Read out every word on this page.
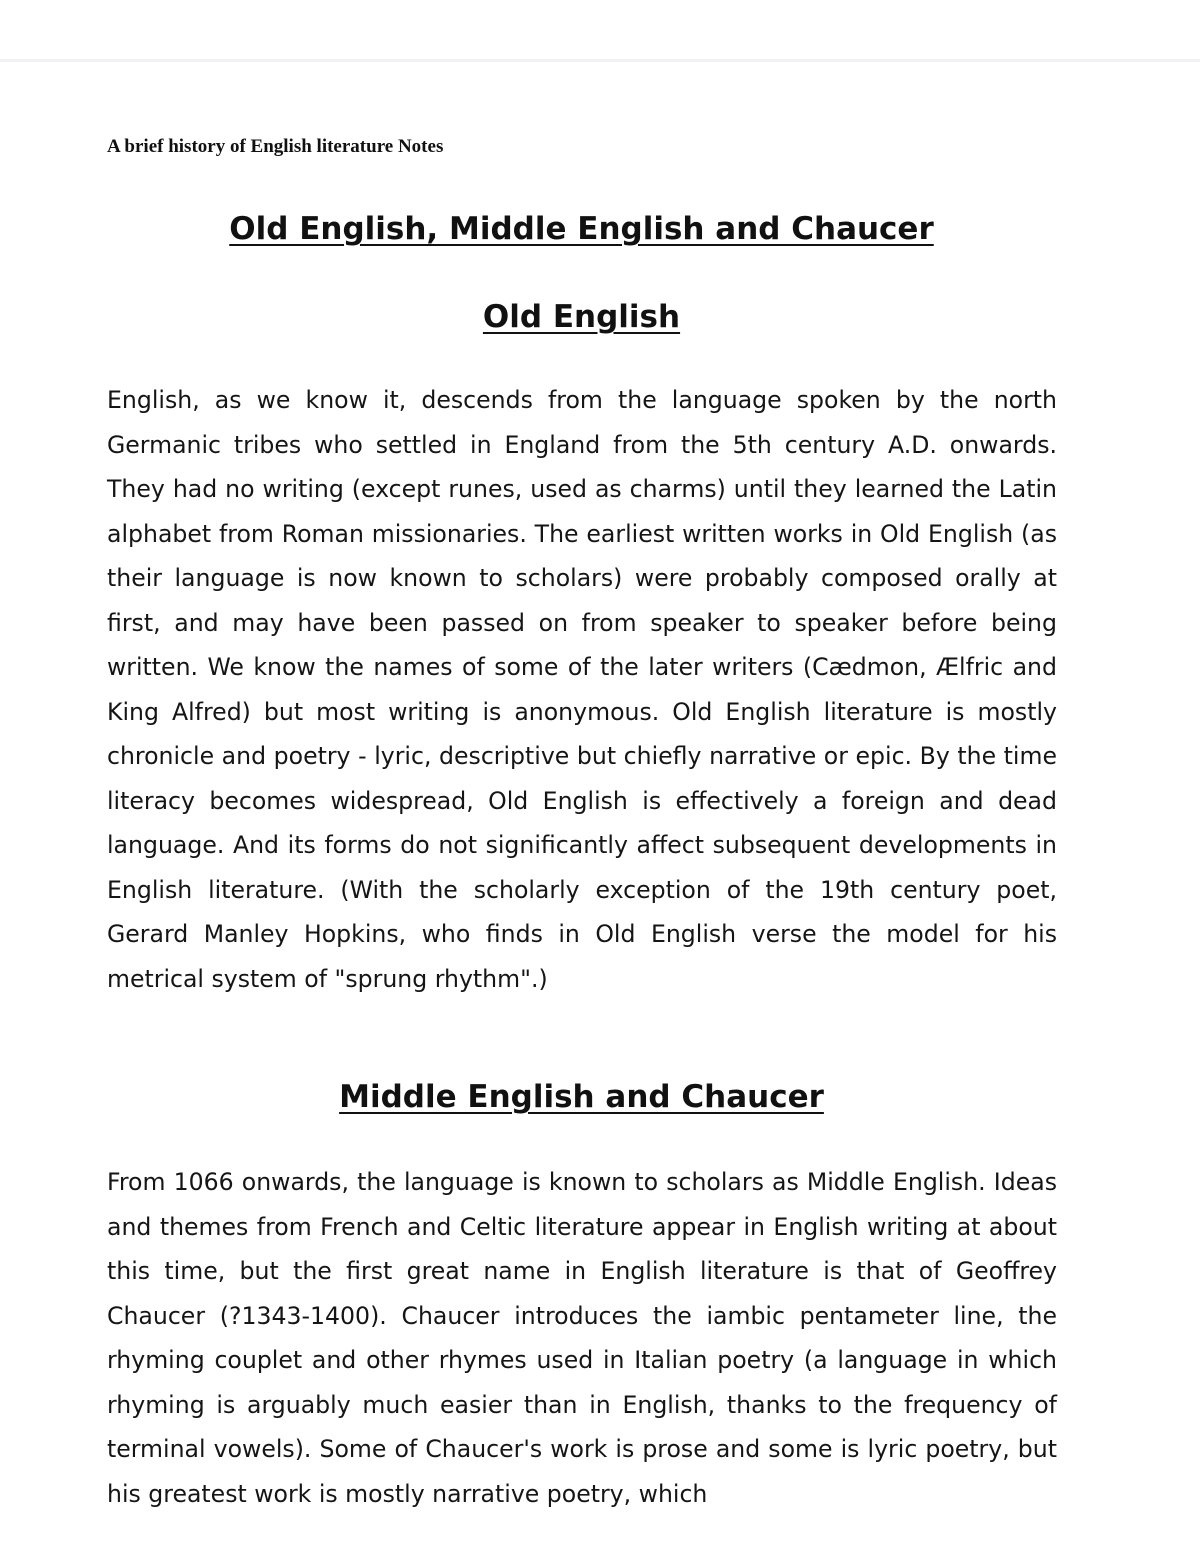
A brief history of English literature Notes
Old English, Middle English and Chaucer
Old English

English, as we know it, descends from the language spoken by the north Germanic tribes who settled in England from the 5th century A.D. onwards. They had no writing (except runes, used as charms) until they learned the Latin alphabet from Roman missionaries. The earliest written works in Old English (as their language is now known to scholars) were probably composed orally at first, and may have been passed on from speaker to speaker before being written. We know the names of some of the later writers (Cædmon, Ælfric and King Alfred) but most writing is anonymous. Old English literature is mostly chronicle and poetry - lyric, descriptive but chiefly narrative or epic. By the time literacy becomes widespread, Old English is effectively a foreign and dead language. And its forms do not significantly affect subsequent developments in English literature. (With the scholarly exception of the 19th century poet, Gerard Manley Hopkins, who finds in Old English verse the model for his metrical system of "sprung rhythm".)

Middle English and Chaucer

From 1066 onwards, the language is known to scholars as Middle English. Ideas and themes from French and Celtic literature appear in English writing at about this time, but the first great name in English literature is that of Geoffrey Chaucer (?1343-1400). Chaucer introduces the iambic pentameter line, the rhyming couplet and other rhymes used in Italian poetry (a language in which rhyming is arguably much easier than in English, thanks to the frequency of terminal vowels). Some of Chaucer's work is prose and some is lyric poetry, but his greatest work is mostly narrative poetry, which
